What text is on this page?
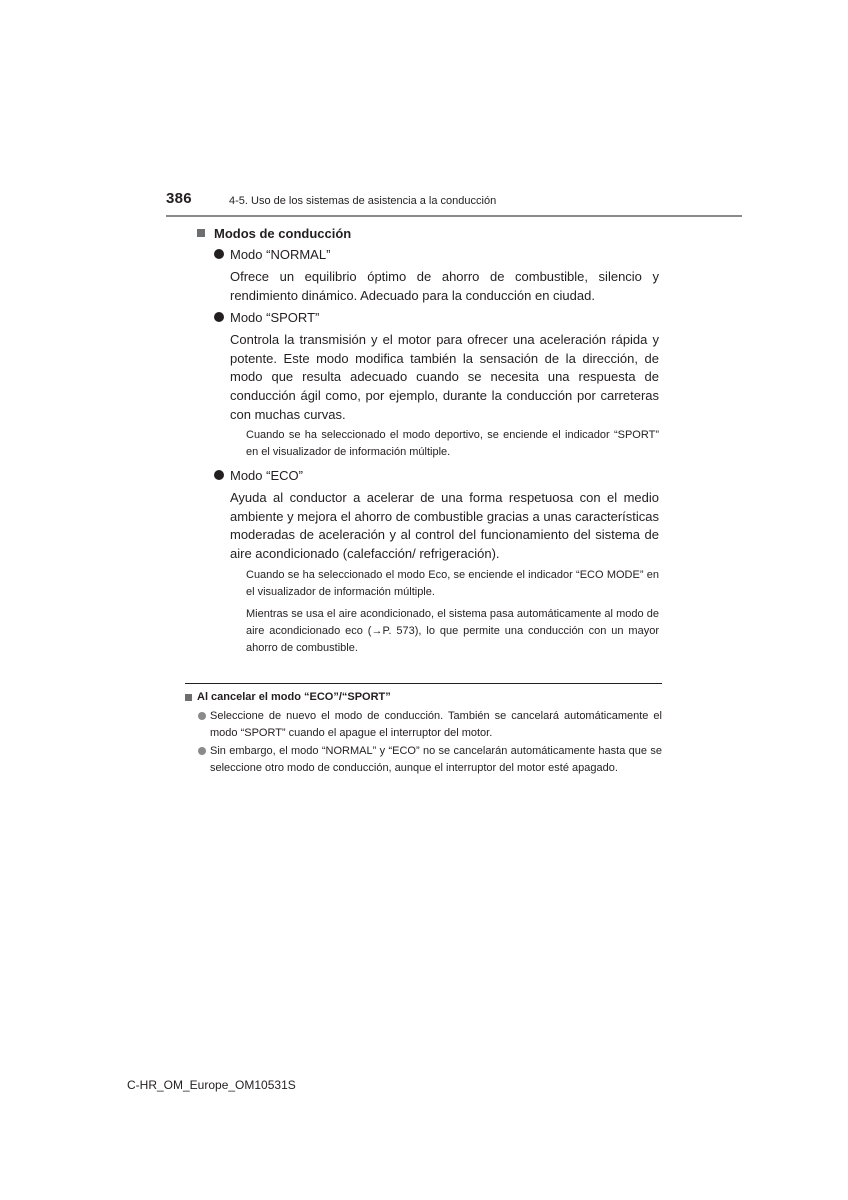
386	4-5. Uso de los sistemas de asistencia a la conducción
Modos de conducción
Modo “NORMAL”
Ofrece un equilibrio óptimo de ahorro de combustible, silencio y rendimiento dinámico. Adecuado para la conducción en ciudad.
Modo “SPORT”
Controla la transmisión y el motor para ofrecer una aceleración rápida y potente. Este modo modifica también la sensación de la dirección, de modo que resulta adecuado cuando se necesita una respuesta de conducción ágil como, por ejemplo, durante la conducción por carreteras con muchas curvas.
Cuando se ha seleccionado el modo deportivo, se enciende el indicador “SPORT” en el visualizador de información múltiple.
Modo “ECO”
Ayuda al conductor a acelerar de una forma respetuosa con el medio ambiente y mejora el ahorro de combustible gracias a unas características moderadas de aceleración y al control del funcionamiento del sistema de aire acondicionado (calefacción/ refrigeración).
Cuando se ha seleccionado el modo Eco, se enciende el indicador “ECO MODE” en el visualizador de información múltiple.
Mientras se usa el aire acondicionado, el sistema pasa automáticamente al modo de aire acondicionado eco (→P. 573), lo que permite una conducción con un mayor ahorro de combustible.
Al cancelar el modo “ECO”/“SPORT”
Seleccione de nuevo el modo de conducción. También se cancelará automáticamente el modo “SPORT” cuando el apague el interruptor del motor.
Sin embargo, el modo “NORMAL” y “ECO” no se cancelarán automáticamente hasta que se seleccione otro modo de conducción, aunque el interruptor del motor esté apagado.
C-HR_OM_Europe_OM10531S
